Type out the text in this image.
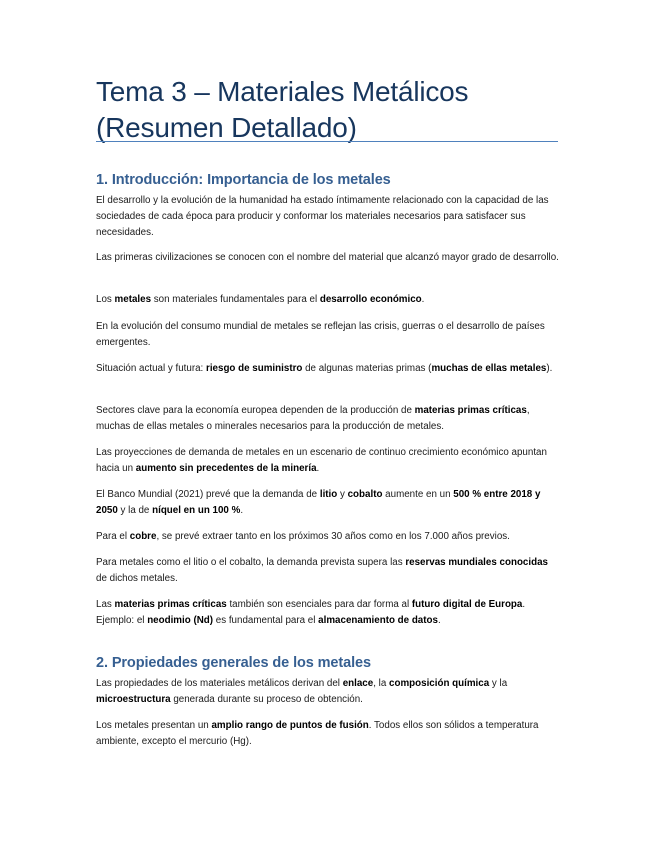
Tema 3 – Materiales Metálicos
(Resumen Detallado)
1. Introducción: Importancia de los metales
El desarrollo y la evolución de la humanidad ha estado íntimamente relacionado con la capacidad de las sociedades de cada época para producir y conformar los materiales necesarios para satisfacer sus necesidades.
Las primeras civilizaciones se conocen con el nombre del material que alcanzó mayor grado de desarrollo.
Los metales son materiales fundamentales para el desarrollo económico.
En la evolución del consumo mundial de metales se reflejan las crisis, guerras o el desarrollo de países emergentes.
Situación actual y futura: riesgo de suministro de algunas materias primas (muchas de ellas metales).
Sectores clave para la economía europea dependen de la producción de materias primas críticas, muchas de ellas metales o minerales necesarios para la producción de metales.
Las proyecciones de demanda de metales en un escenario de continuo crecimiento económico apuntan hacia un aumento sin precedentes de la minería.
El Banco Mundial (2021) prevé que la demanda de litio y cobalto aumente en un 500 % entre 2018 y 2050 y la de níquel en un 100 %.
Para el cobre, se prevé extraer tanto en los próximos 30 años como en los 7.000 años previos.
Para metales como el litio o el cobalto, la demanda prevista supera las reservas mundiales conocidas de dichos metales.
Las materias primas críticas también son esenciales para dar forma al futuro digital de Europa. Ejemplo: el neodimio (Nd) es fundamental para el almacenamiento de datos.
2. Propiedades generales de los metales
Las propiedades de los materiales metálicos derivan del enlace, la composición química y la microestructura generada durante su proceso de obtención.
Los metales presentan un amplio rango de puntos de fusión. Todos ellos son sólidos a temperatura ambiente, excepto el mercurio (Hg).
